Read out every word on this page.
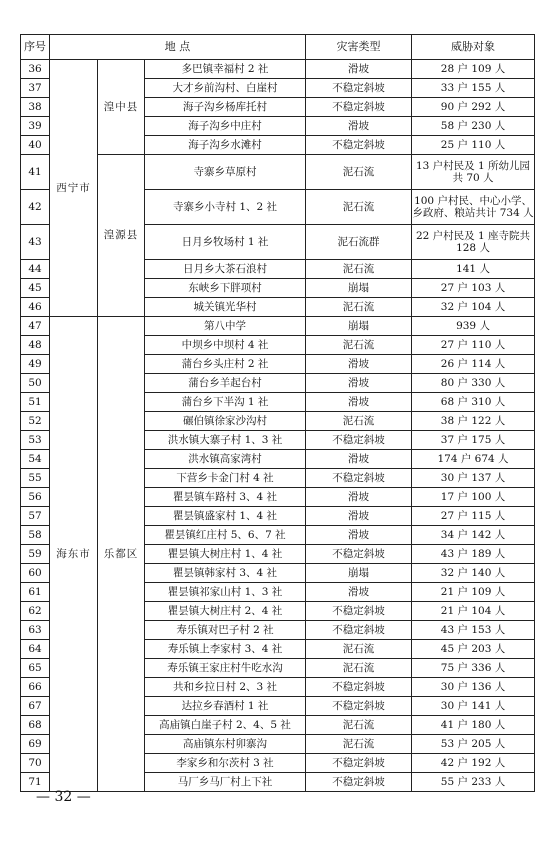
序号	地 点			灾害类型	威胁对象
36	西宁市	湟中县	多巴镇幸福村 2 社	滑坡	28 户 109 人
37			大才乡前沟村、白崖村	不稳定斜坡	33 户 155 人
38			海子沟乡杨库托村	不稳定斜坡	90 户 292 人
39			海子沟乡中庄村	滑坡	58 户 230 人
40			海子沟乡水滩村	不稳定斜坡	25 户 110 人
41		湟源县	寺寨乡草原村	泥石流	13 户村民及 1 所幼儿园共 70 人
42			寺寨乡小寺村 1、2 社	泥石流	100 户村民、中心小学、乡政府、粮站共计 734 人
43			日月乡牧场村 1 社	泥石流群	22 户村民及 1 座寺院共 128 人
44			日月乡大茶石浪村	泥石流	141 人
45			东峡乡下胖项村	崩塌	27 户 103 人
46			城关镇光华村	泥石流	32 户 104 人
47	海东市	乐都区	第八中学	崩塌	939 人
48			中坝乡中坝村 4 社	泥石流	27 户 110 人
49			蒲台乡头庄村 2 社	滑坡	26 户 114 人
50			蒲台乡羊起台村	滑坡	80 户 330 人
51			蒲台乡下半沟 1 社	滑坡	68 户 310 人
52			碾伯镇徐家沙沟村	泥石流	38 户 122 人
53			洪水镇大寨子村 1、3 社	不稳定斜坡	37 户 175 人
54			洪水镇高家湾村	滑坡	174 户 674 人
55			下营乡卡金门村 4 社	不稳定斜坡	30 户 137 人
56			瞿昙镇车路村 3、4 社	滑坡	17 户 100 人
57			瞿昙镇盛家村 1、4 社	滑坡	27 户 115 人
58			瞿昙镇红庄村 5、6、7 社	滑坡	34 户 142 人
59			瞿昙镇大树庄村 1、4 社	不稳定斜坡	43 户 189 人
60			瞿昙镇韩家村 3、4 社	崩塌	32 户 140 人
61			瞿昙镇祁家山村 1、3 社	滑坡	21 户 109 人
62			瞿昙镇大树庄村 2、4 社	不稳定斜坡	21 户 104 人
63			寿乐镇对巴子村 2 社	不稳定斜坡	43 户 153 人
64			寿乐镇上李家村 3、4 社	泥石流	45 户 203 人
65			寿乐镇王家庄村牛吃水沟	泥石流	75 户 336 人
66			共和乡拉日村 2、3 社	不稳定斜坡	30 户 136 人
67			达拉乡春酒村 1 社	不稳定斜坡	30 户 141 人
68			高庙镇白崖子村 2、4、5 社	泥石流	41 户 180 人
69			高庙镇东村卯寨沟	泥石流	53 户 205 人
70			李家乡和尔茨村 3 社	不稳定斜坡	42 户 192 人
71			马厂乡马厂村上下社	不稳定斜坡	55 户 233 人
— 32 —
